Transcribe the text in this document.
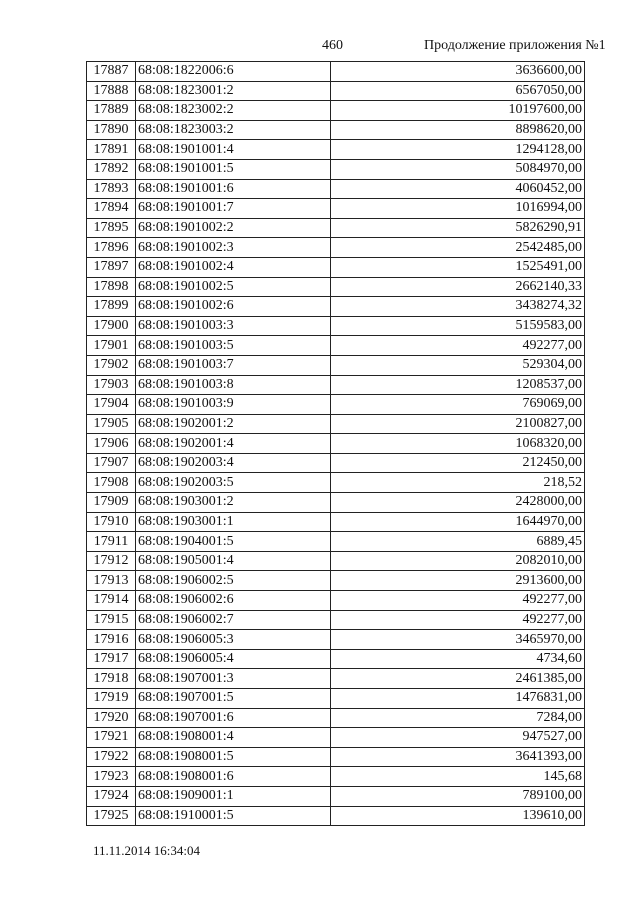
460	Продолжение приложения №1
17887	68:08:1822006:6	3636600,00
17888	68:08:1823001:2	6567050,00
17889	68:08:1823002:2	10197600,00
17890	68:08:1823003:2	8898620,00
17891	68:08:1901001:4	1294128,00
17892	68:08:1901001:5	5084970,00
17893	68:08:1901001:6	4060452,00
17894	68:08:1901001:7	1016994,00
17895	68:08:1901002:2	5826290,91
17896	68:08:1901002:3	2542485,00
17897	68:08:1901002:4	1525491,00
17898	68:08:1901002:5	2662140,33
17899	68:08:1901002:6	3438274,32
17900	68:08:1901003:3	5159583,00
17901	68:08:1901003:5	492277,00
17902	68:08:1901003:7	529304,00
17903	68:08:1901003:8	1208537,00
17904	68:08:1901003:9	769069,00
17905	68:08:1902001:2	2100827,00
17906	68:08:1902001:4	1068320,00
17907	68:08:1902003:4	212450,00
17908	68:08:1902003:5	218,52
17909	68:08:1903001:2	2428000,00
17910	68:08:1903001:1	1644970,00
17911	68:08:1904001:5	6889,45
17912	68:08:1905001:4	2082010,00
17913	68:08:1906002:5	2913600,00
17914	68:08:1906002:6	492277,00
17915	68:08:1906002:7	492277,00
17916	68:08:1906005:3	3465970,00
17917	68:08:1906005:4	4734,60
17918	68:08:1907001:3	2461385,00
17919	68:08:1907001:5	1476831,00
17920	68:08:1907001:6	7284,00
17921	68:08:1908001:4	947527,00
17922	68:08:1908001:5	3641393,00
17923	68:08:1908001:6	145,68
17924	68:08:1909001:1	789100,00
17925	68:08:1910001:5	139610,00
11.11.2014 16:34:04
